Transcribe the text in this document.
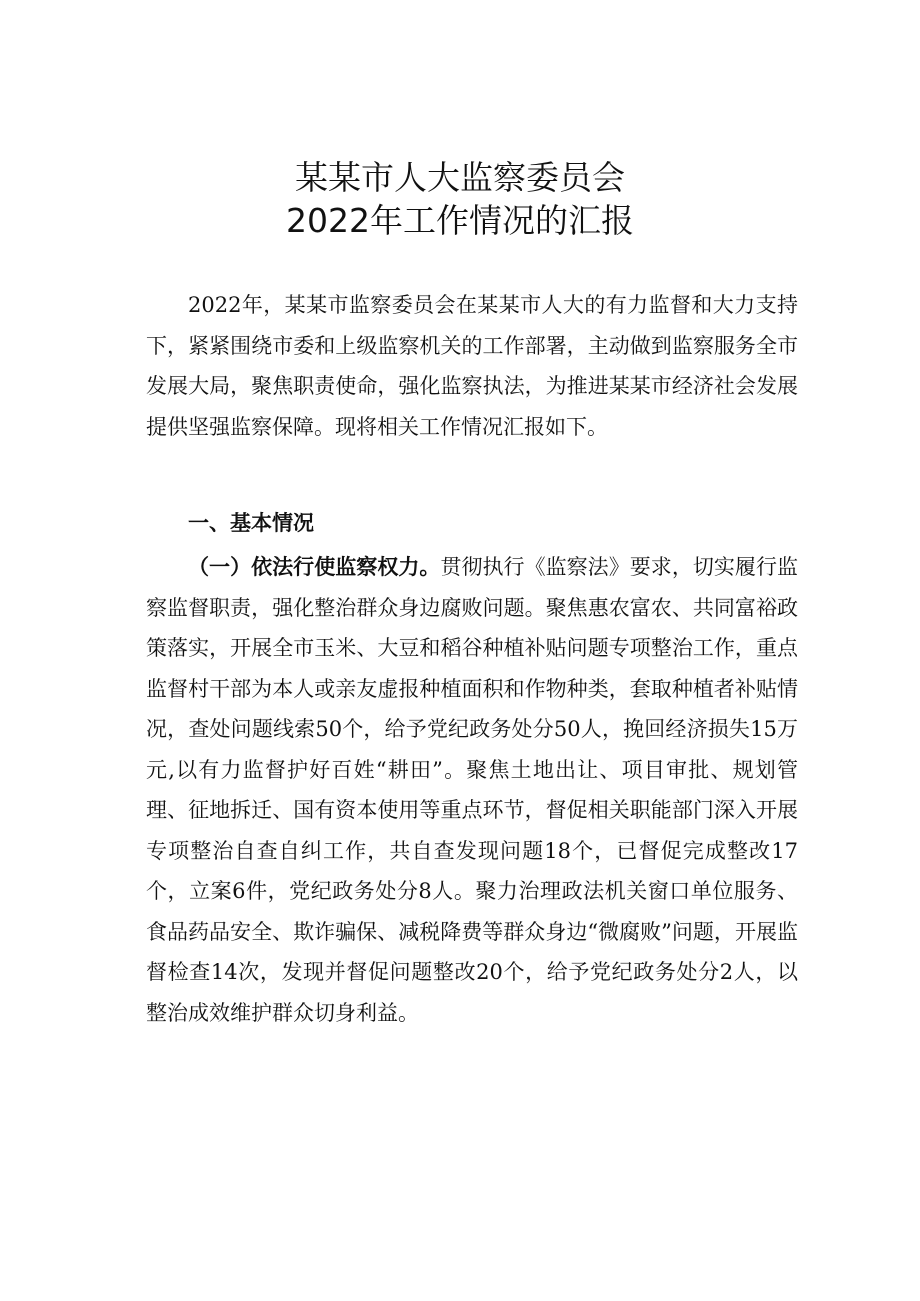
某某市人大监察委员会
2022年工作情况的汇报

2022年，某某市监察委员会在某某市人大的有力监督和大力支持下，紧紧围绕市委和上级监察机关的工作部署，主动做到监察服务全市发展大局，聚焦职责使命，强化监察执法，为推进某某市经济社会发展提供坚强监察保障。现将相关工作情况汇报如下。

一、基本情况

（一）依法行使监察权力。贯彻执行《监察法》要求，切实履行监察监督职责，强化整治群众身边腐败问题。聚焦惠农富农、共同富裕政策落实，开展全市玉米、大豆和稻谷种植补贴问题专项整治工作，重点监督村干部为本人或亲友虚报种植面积和作物种类，套取种植者补贴情况，查处问题线索50个，给予党纪政务处分50人，挽回经济损失15万元,以有力监督护好百姓“耕田”。聚焦土地出让、项目审批、规划管理、征地拆迁、国有资本使用等重点环节，督促相关职能部门深入开展专项整治自查自纠工作，共自查发现问题18个，已督促完成整改17个，立案6件，党纪政务处分8人。聚力治理政法机关窗口单位服务、食品药品安全、欺诈骗保、减税降费等群众身边“微腐败”问题，开展监督检查14次，发现并督促问题整改20个，给予党纪政务处分2人，以整治成效维护群众切身利益。
